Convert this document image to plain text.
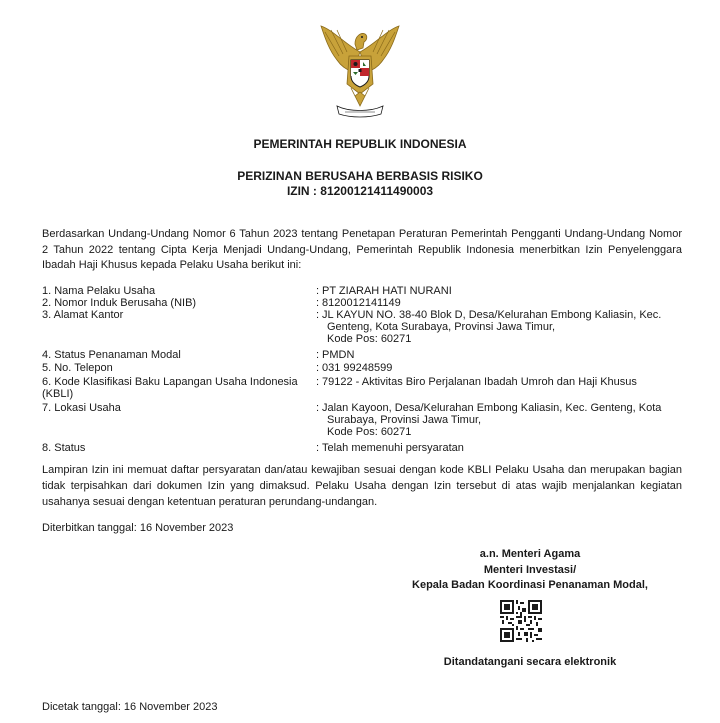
PEMERINTAH REPUBLIK INDONESIA
PERIZINAN BERUSAHA BERBASIS RISIKO
IZIN : 81200121411490003
Berdasarkan Undang-Undang Nomor 6 Tahun 2023 tentang Penetapan Peraturan Pemerintah Pengganti Undang-Undang Nomor 2 Tahun 2022 tentang Cipta Kerja Menjadi Undang-Undang, Pemerintah Republik Indonesia menerbitkan Izin Penyelenggara Ibadah Haji Khusus kepada Pelaku Usaha berikut ini:
1. Nama Pelaku Usaha	: PT ZIARAH HATI NURANI
2. Nomor Induk Berusaha (NIB)	: 8120012141149
3. Alamat Kantor	: JL KAYUN NO. 38-40 Blok D, Desa/Kelurahan Embong Kaliasin, Kec.
Genteng, Kota Surabaya, Provinsi Jawa Timur,
Kode Pos: 60271
4. Status Penanaman Modal	: PMDN
5. No. Telepon	: 031 99248599
6. Kode Klasifikasi Baku Lapangan Usaha Indonesia
(KBLI)
: 79122 - Aktivitas Biro Perjalanan Ibadah Umroh dan Haji Khusus
7. Lokasi Usaha	: Jalan Kayoon, Desa/Kelurahan Embong Kaliasin, Kec. Genteng, Kota
Surabaya, Provinsi Jawa Timur,
Kode Pos: 60271
8. Status	: Telah memenuhi persyaratan
Lampiran Izin ini memuat daftar persyaratan dan/atau kewajiban sesuai dengan kode KBLI Pelaku Usaha dan merupakan bagian tidak terpisahkan dari dokumen Izin yang dimaksud. Pelaku Usaha dengan Izin tersebut di atas wajib menjalankan kegiatan usahanya sesuai dengan ketentuan peraturan perundang-undangan.
Diterbitkan tanggal: 16 November 2023
a.n. Menteri Agama
Menteri Investasi/
Kepala Badan Koordinasi Penanaman Modal,
Ditandatangani secara elektronik
Dicetak tanggal: 16 November 2023
